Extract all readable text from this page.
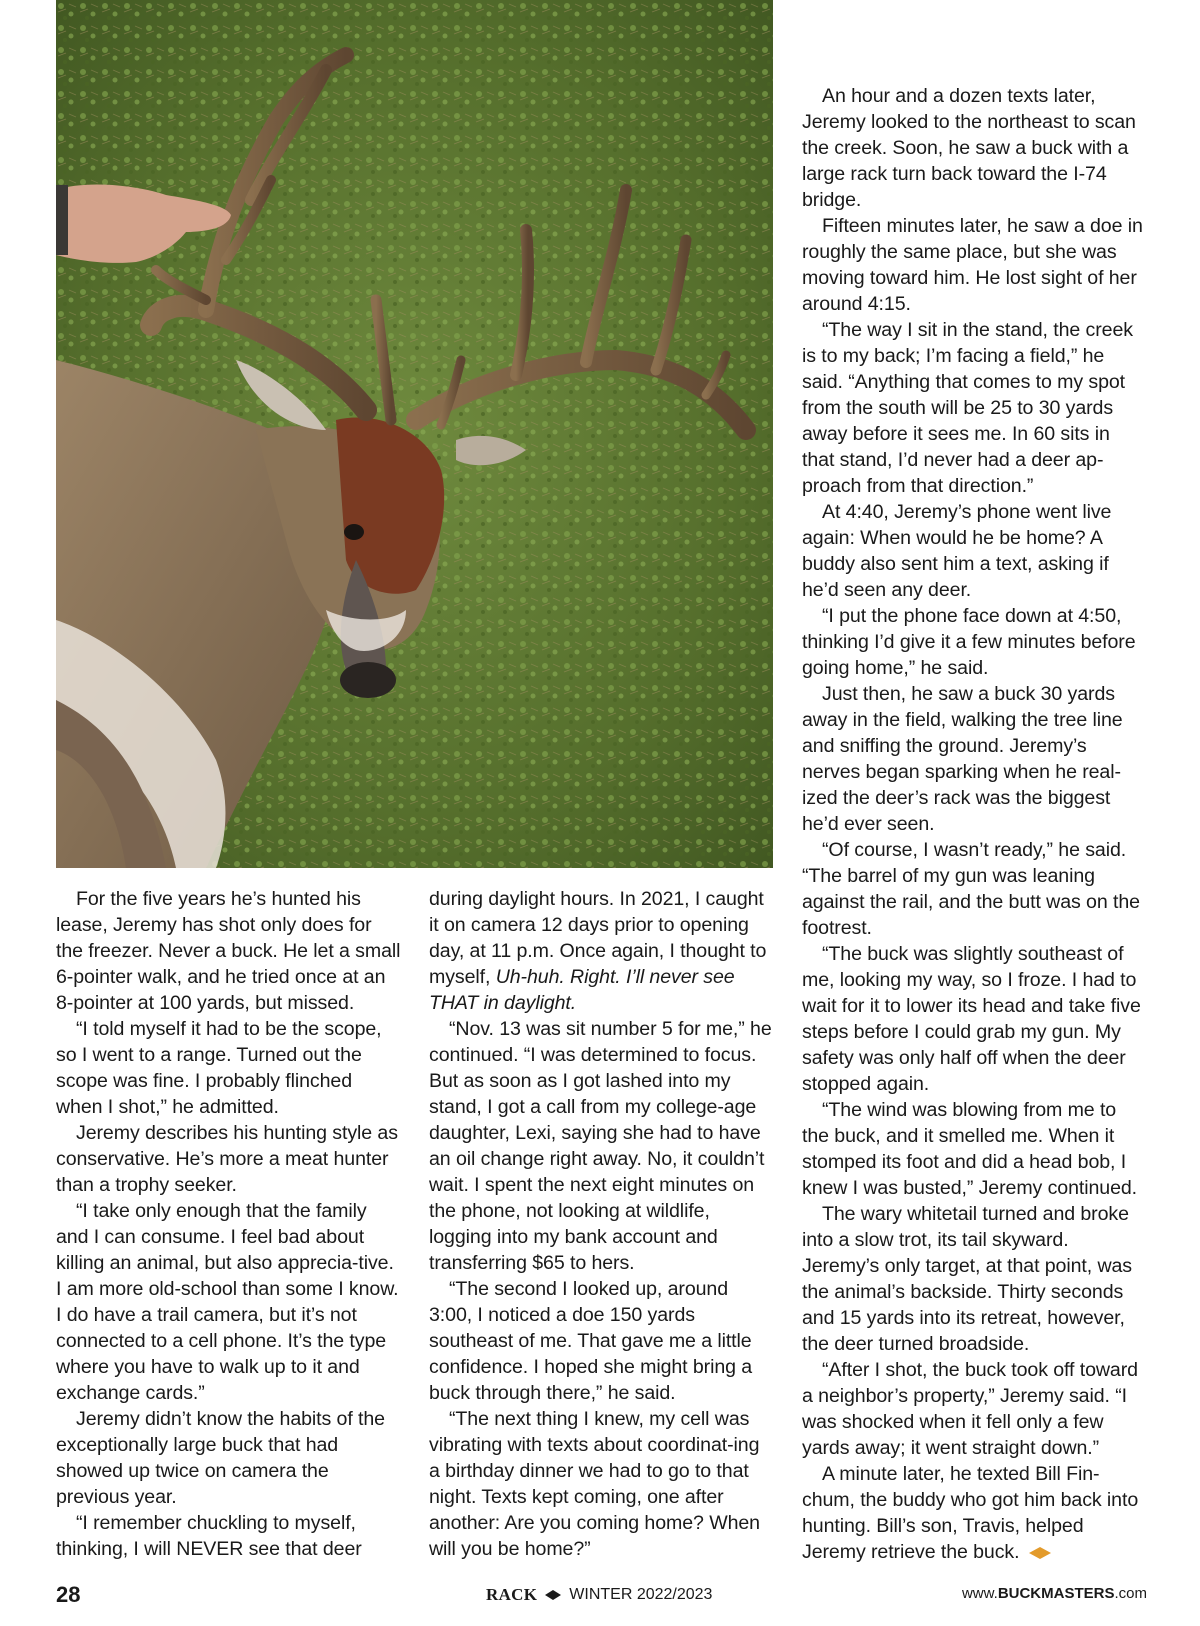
For the five years he’s hunted his lease, Jeremy has shot only does for the freezer. Never a buck. He let a small 6-pointer walk, and he tried once at an 8-pointer at 100 yards, but missed.

“I told myself it had to be the scope, so I went to a range. Turned out the scope was fine. I probably flinched when I shot,” he admitted.

Jeremy describes his hunting style as conservative. He’s more a meat hunter than a trophy seeker.

“I take only enough that the family and I can consume. I feel bad about killing an animal, but also apprecia-tive. I am more old-school than some I know. I do have a trail camera, but it’s not connected to a cell phone. It’s the type where you have to walk up to it and exchange cards.”

Jeremy didn’t know the habits of the exceptionally large buck that had showed up twice on camera the previous year.

“I remember chuckling to myself, thinking, I will NEVER see that deer

during daylight hours. In 2021, I caught it on camera 12 days prior to opening day, at 11 p.m. Once again, I thought to myself, Uh-huh. Right. I’ll never see THAT in daylight.

“Nov. 13 was sit number 5 for me,” he continued. “I was determined to focus. But as soon as I got lashed into my stand, I got a call from my college-age daughter, Lexi, saying she had to have an oil change right away. No, it couldn’t wait. I spent the next eight minutes on the phone, not looking at wildlife, logging into my bank account and transferring $65 to hers.

“The second I looked up, around 3:00, I noticed a doe 150 yards southeast of me. That gave me a little confidence. I hoped she might bring a buck through there,” he said.

“The next thing I knew, my cell was vibrating with texts about coordinat-ing a birthday dinner we had to go to that night. Texts kept coming, one after another: Are you coming home? When will you be home?”

An hour and a dozen texts later, Jeremy looked to the northeast to scan the creek. Soon, he saw a buck with a large rack turn back toward the I-74 bridge.

Fifteen minutes later, he saw a doe in roughly the same place, but she was moving toward him. He lost sight of her around 4:15.

“The way I sit in the stand, the creek is to my back; I’m facing a field,” he said. “Anything that comes to my spot from the south will be 25 to 30 yards away before it sees me. In 60 sits in that stand, I’d never had a deer ap-proach from that direction.”

At 4:40, Jeremy’s phone went live again: When would he be home? A buddy also sent him a text, asking if he’d seen any deer.

“I put the phone face down at 4:50, thinking I’d give it a few minutes before going home,” he said.

Just then, he saw a buck 30 yards away in the field, walking the tree line and sniffing the ground. Jeremy’s nerves began sparking when he real-ized the deer’s rack was the biggest he’d ever seen.

“Of course, I wasn’t ready,” he said. “The barrel of my gun was leaning against the rail, and the butt was on the footrest.

“The buck was slightly southeast of me, looking my way, so I froze. I had to wait for it to lower its head and take five steps before I could grab my gun. My safety was only half off when the deer stopped again.

“The wind was blowing from me to the buck, and it smelled me. When it stomped its foot and did a head bob, I knew I was busted,” Jeremy continued.

The wary whitetail turned and broke into a slow trot, its tail skyward. Jeremy’s only target, at that point, was the animal’s backside. Thirty seconds and 15 yards into its retreat, however, the deer turned broadside.

“After I shot, the buck took off toward a neighbor’s property,” Jeremy said. “I was shocked when it fell only a few yards away; it went straight down.”

A minute later, he texted Bill Fin-chum, the buddy who got him back into hunting. Bill’s son, Travis, helped Jeremy retrieve the buck.

28	RACK WINTER 2022/2023	www.BUCKMASTERS.com
